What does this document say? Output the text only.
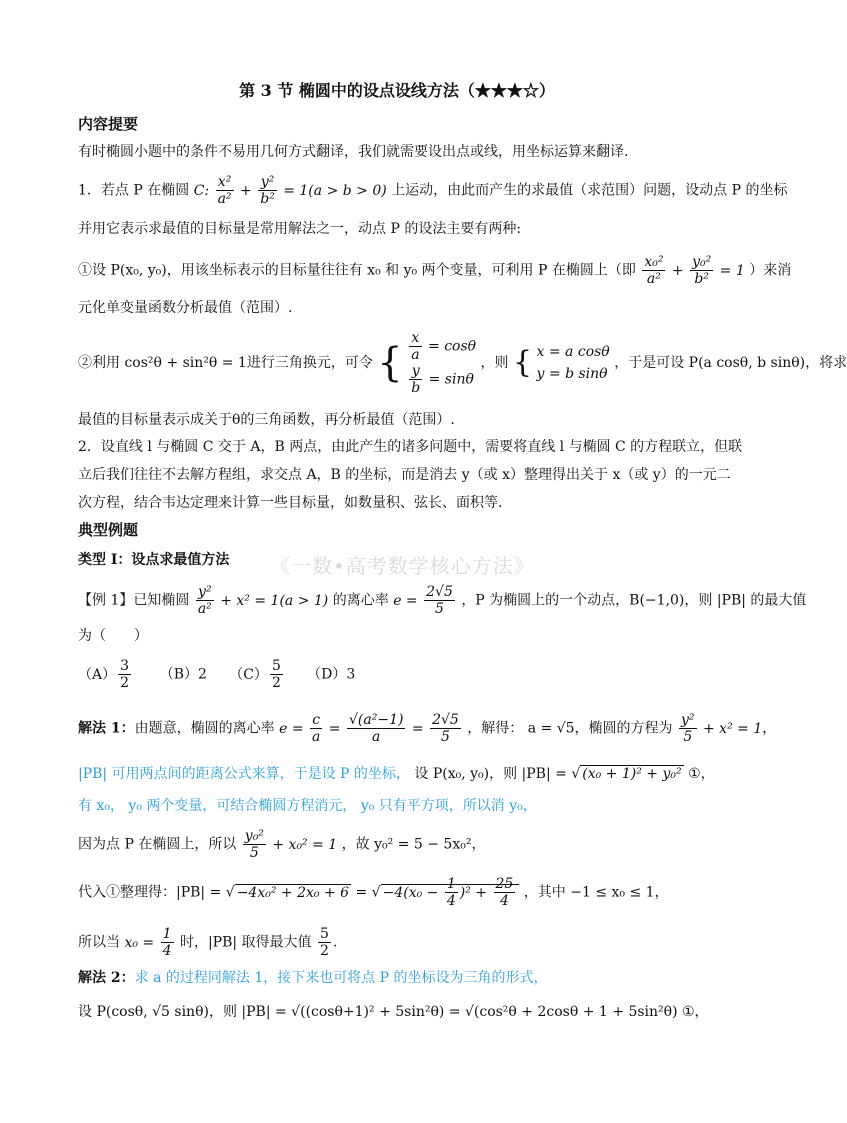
《一数•高考数学核心方法》
第 3 节 椭圆中的设点设线方法（★★★☆）
内容提要
有时椭圆小题中的条件不易用几何方式翻译，我们就需要设出点或线，用坐标运算来翻译.
1．若点 P 在椭圆 C: $\frac{\text{x²}}{\text{a²}} + \frac{\text{y²}}{\text{b²}} = 1(a > b > 0)$ 上运动，由此而产生的求最值（求范围）问题，设动点 P 的坐标
并用它表示求最值的目标量是常用解法之一，动点 P 的设法主要有两种:
①设 P(x₀, y₀)，用该坐标表示的目标量往往有 x₀ 和 y₀ 两个变量，可利用 P 在椭圆上（即 $\frac{\text{x₀²}}{\text{a²}} + \frac{\text{y₀²}}{\text{b²}} = 1$ ）来消
元化单变量函数分析最值（范围）.
②利用 cos²θ + sin²θ = 1进行三角换元，可令 { $\frac{x}{a} = \cos\theta$
$\frac{y}{b} = \sin\theta$
，则 { x = a cosθ
y = b sinθ
，于是可设 P(a cosθ, b sinθ)，将求
最值的目标量表示成关于θ的三角函数，再分析最值（范围）.
2．设直线 l 与椭圆 C 交于 A，B 两点，由此产生的诸多问题中，需要将直线 l 与椭圆 C 的方程联立，但联
立后我们往往不去解方程组，求交点 A，B 的坐标，而是消去 y（或 x）整理得出关于 x（或 y）的一元二
次方程，结合韦达定理来计算一些目标量，如数量积、弦长、面积等.
典型例题
类型 I：设点求最值方法
【例 1】已知椭圆 $\frac{\text{y²}}{\text{a²}} + x^2 = 1(a > 1)$ 的离心率 $e = \frac{2√5}{5}$ ，P 为椭圆上的一个动点，B(−1,0)，则 |PB| 的最大值
为（　　）
$(A) \frac{3}{2} (B)2$ $(C) \frac{5}{2} (D)3$
解法 1：由题意，椭圆的离心率 $e = \frac{c}{a} = \frac{\text{√(a²−1)}}{a} = \frac{2√5}{5}$ ，解得： a = √5，椭圆的方程为 $\frac{\text{y²}}{5} + x^2 = 1$，
|PB| 可用两点间的距离公式来算，于是设 P 的坐标， 设 P(x₀, y₀)，则 |PB| = √ (x₀ + 1)² + y₀² ①，
有 x₀， y₀ 两个变量，可结合椭圆方程消元， y₀ 只有平方项，所以消 y₀，
因为点 P 在椭圆上，所以 $\frac{\text{y₀²}}{5} + x_0^2 = 1$ ，故 y₀² = 5 − 5x₀²，
代入①整理得：|PB| = √ −4x₀² + 2x₀ + 6 = √ $-4(x_0 - \frac{1}{4} )^2 + \frac{25}{4}$ ，其中 −1 ≤ x₀ ≤ 1，
所以当 $x_0 = \frac{1}{4}$ 时，|PB| 取得最大值 $\frac{5}{2}$ .
解法 2：求 a 的过程同解法 1，接下来也可将点 P 的坐标设为三角的形式，
设 P(cosθ, √5 sinθ)，则 |PB| = √((cosθ+1)² + 5sin²θ) = √(cos²θ + 2cosθ + 1 + 5sin²θ) ①，
